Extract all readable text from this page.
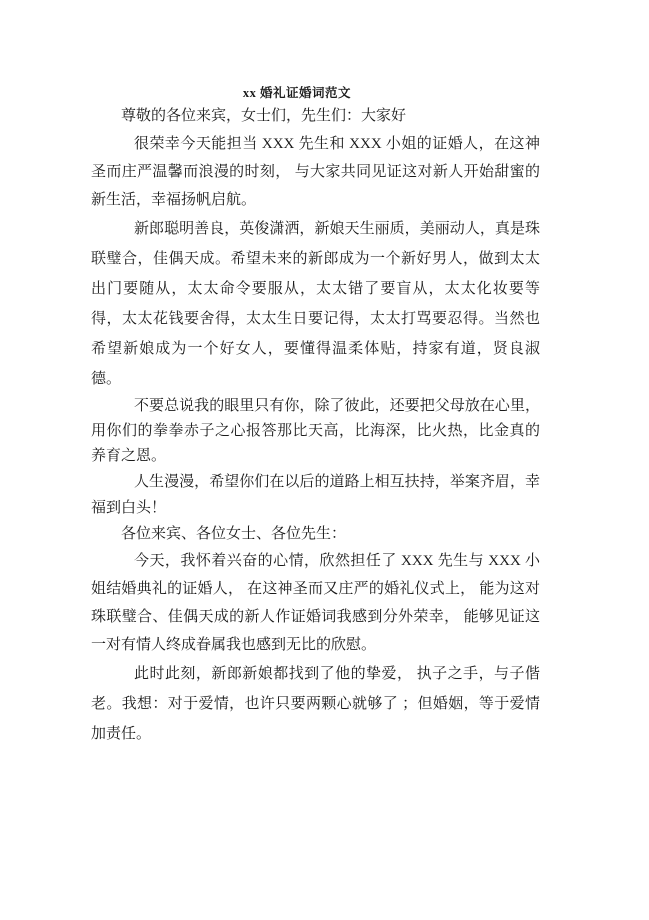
xx 婚礼证婚词范文

尊敬的各位来宾，女士们，先生们：大家好

很荣幸今天能担当 XXX 先生和 XXX 小姐的证婚人，在这神圣而庄严温馨而浪漫的时刻， 与大家共同见证这对新人开始甜蜜的新生活，幸福扬帆启航。

新郎聪明善良，英俊潇洒，新娘天生丽质，美丽动人，真是珠联璧合，佳偶天成。希望未来的新郎成为一个新好男人，做到太太出门要随从，太太命令要服从，太太错了要盲从，太太化妆要等得，太太花钱要舍得，太太生日要记得，太太打骂要忍得。当然也希望新娘成为一个好女人，要懂得温柔体贴，持家有道，贤良淑德。

不要总说我的眼里只有你，除了彼此，还要把父母放在心里，用你们的拳拳赤子之心报答那比天高，比海深，比火热，比金真的养育之恩。

人生漫漫，希望你们在以后的道路上相互扶持，举案齐眉，幸福到白头！

各位来宾、各位女士、各位先生：

今天，我怀着兴奋的心情，欣然担任了 XXX 先生与 XXX 小姐结婚典礼的证婚人， 在这神圣而又庄严的婚礼仪式上， 能为这对珠联璧合、佳偶天成的新人作证婚词我感到分外荣幸， 能够见证这一对有情人终成眷属我也感到无比的欣慰。

此时此刻，新郎新娘都找到了他的挚爱， 执子之手，与子偕老。我想：对于爱情，也许只要两颗心就够了 ；但婚姻，等于爱情加责任。
